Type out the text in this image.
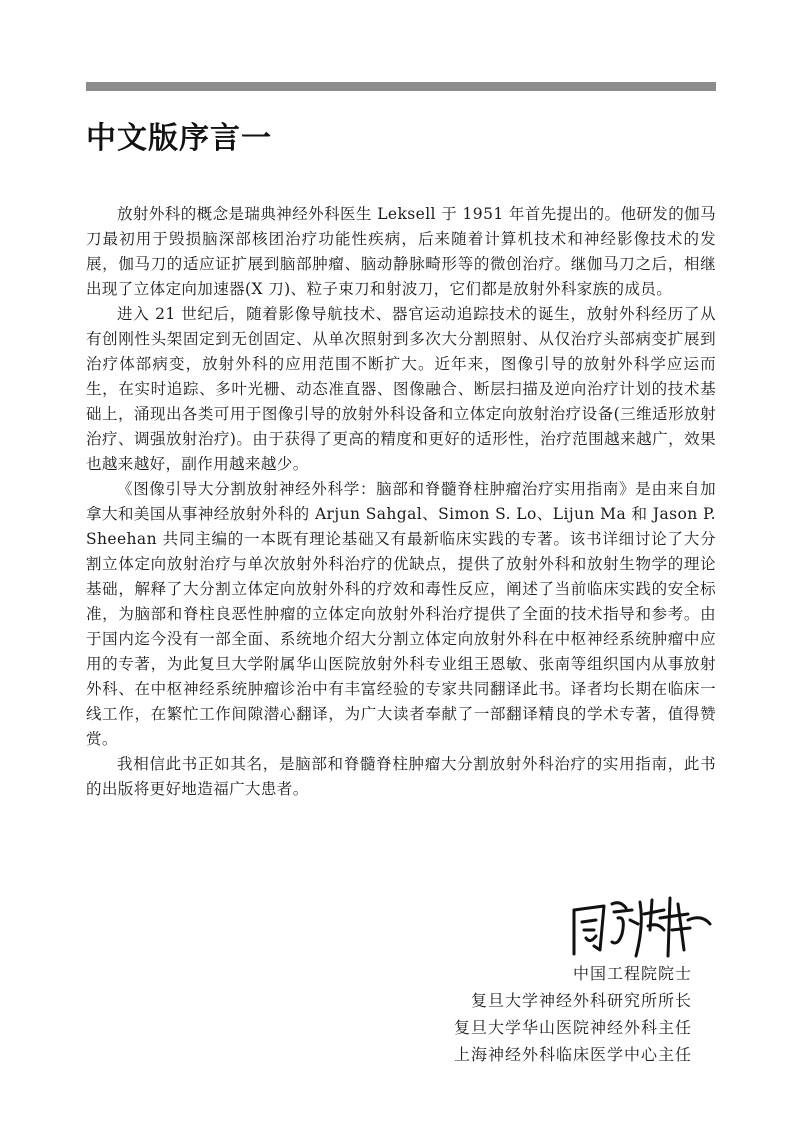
中文版序言一

放射外科的概念是瑞典神经外科医生 Leksell 于 1951 年首先提出的。他研发的伽马刀最初用于毁损脑深部核团治疗功能性疾病，后来随着计算机技术和神经影像技术的发展，伽马刀的适应证扩展到脑部肿瘤、脑动静脉畸形等的微创治疗。继伽马刀之后，相继出现了立体定向加速器(X 刀)、粒子束刀和射波刀，它们都是放射外科家族的成员。

进入 21 世纪后，随着影像导航技术、器官运动追踪技术的诞生，放射外科经历了从有创刚性头架固定到无创固定、从单次照射到多次大分割照射、从仅治疗头部病变扩展到治疗体部病变，放射外科的应用范围不断扩大。近年来，图像引导的放射外科学应运而生，在实时追踪、多叶光栅、动态准直器、图像融合、断层扫描及逆向治疗计划的技术基础上，涌现出各类可用于图像引导的放射外科设备和立体定向放射治疗设备(三维适形放射治疗、调强放射治疗)。由于获得了更高的精度和更好的适形性，治疗范围越来越广，效果也越来越好，副作用越来越少。

《图像引导大分割放射神经外科学：脑部和脊髓脊柱肿瘤治疗实用指南》是由来自加拿大和美国从事神经放射外科的 Arjun Sahgal、Simon S. Lo、Lijun Ma 和 Jason P. Sheehan 共同主编的一本既有理论基础又有最新临床实践的专著。该书详细讨论了大分割立体定向放射治疗与单次放射外科治疗的优缺点，提供了放射外科和放射生物学的理论基础，解释了大分割立体定向放射外科的疗效和毒性反应，阐述了当前临床实践的安全标准，为脑部和脊柱良恶性肿瘤的立体定向放射外科治疗提供了全面的技术指导和参考。由于国内迄今没有一部全面、系统地介绍大分割立体定向放射外科在中枢神经系统肿瘤中应用的专著，为此复旦大学附属华山医院放射外科专业组王恩敏、张南等组织国内从事放射外科、在中枢神经系统肿瘤诊治中有丰富经验的专家共同翻译此书。译者均长期在临床一线工作，在繁忙工作间隙潜心翻译，为广大读者奉献了一部翻译精良的学术专著，值得赞赏。

我相信此书正如其名，是脑部和脊髓脊柱肿瘤大分割放射外科治疗的实用指南，此书的出版将更好地造福广大患者。

中国工程院院士
复旦大学神经外科研究所所长
复旦大学华山医院神经外科主任
上海神经外科临床医学中心主任
